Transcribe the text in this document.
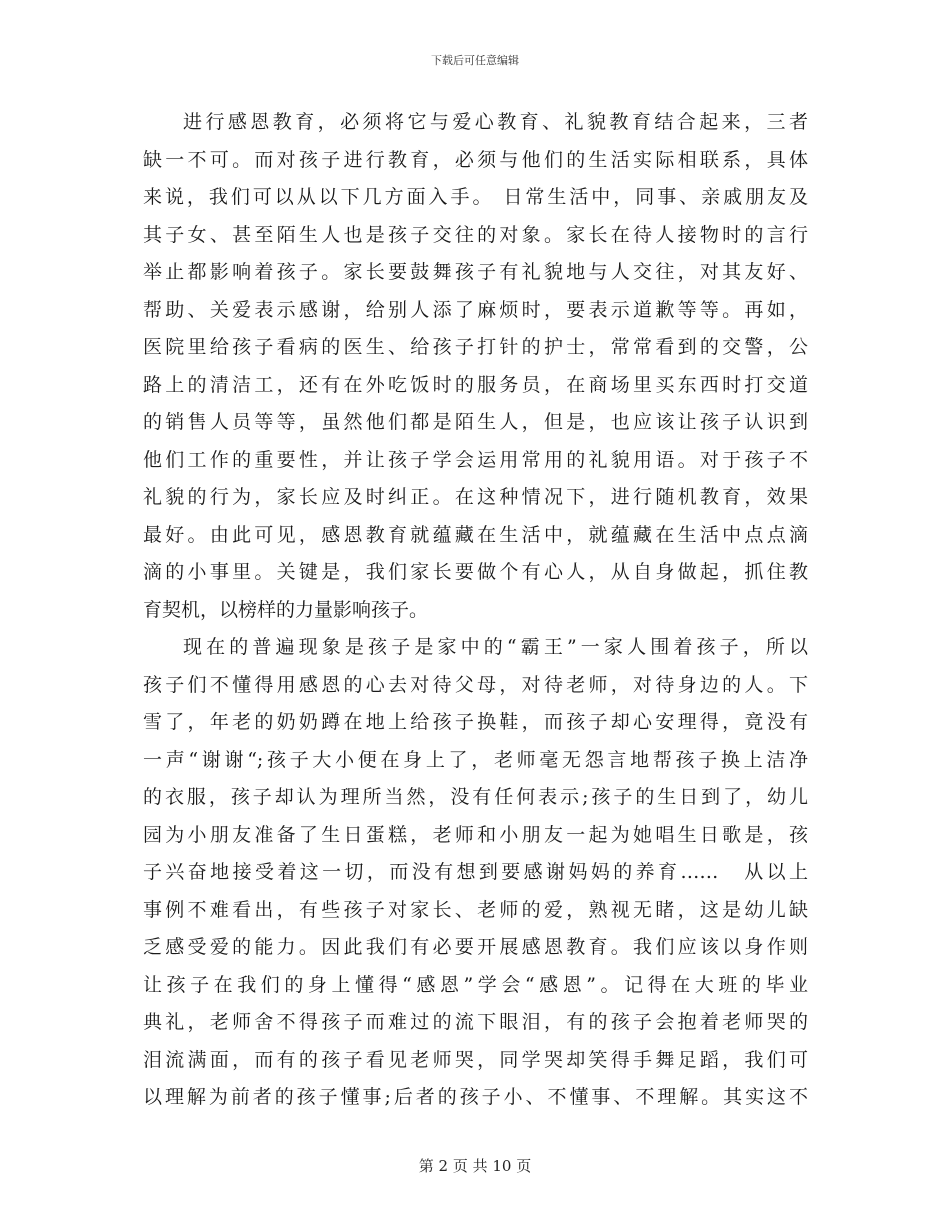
下载后可任意编辑
进行感恩教育，必须将它与爱心教育、礼貌教育结合起来，三者
缺一不可。而对孩子进行教育，必须与他们的生活实际相联系，具体
来说，我们可以从以下几方面入手。 日常生活中，同事、亲戚朋友及
其子女、甚至陌生人也是孩子交往的对象。家长在待人接物时的言行
举止都影响着孩子。家长要鼓舞孩子有礼貌地与人交往，对其友好、
帮助、关爱表示感谢，给别人添了麻烦时，要表示道歉等等。再如，
医院里给孩子看病的医生、给孩子打针的护士，常常看到的交警，公
路上的清洁工，还有在外吃饭时的服务员，在商场里买东西时打交道
的销售人员等等，虽然他们都是陌生人，但是，也应该让孩子认识到
他们工作的重要性，并让孩子学会运用常用的礼貌用语。对于孩子不
礼貌的行为，家长应及时纠正。在这种情况下，进行随机教育，效果
最好。由此可见，感恩教育就蕴藏在生活中，就蕴藏在生活中点点滴
滴的小事里。关键是，我们家长要做个有心人，从自身做起，抓住教
育契机，以榜样的力量影响孩子。
现在的普遍现象是孩子是家中的“霸王”一家人围着孩子，所以
孩子们不懂得用感恩的心去对待父母，对待老师，对待身边的人。下
雪了，年老的奶奶蹲在地上给孩子换鞋，而孩子却心安理得，竟没有
一声“谢谢“;孩子大小便在身上了，老师毫无怨言地帮孩子换上洁净
的衣服，孩子却认为理所当然，没有任何表示;孩子的生日到了，幼儿
园为小朋友准备了生日蛋糕，老师和小朋友一起为她唱生日歌是，孩
子兴奋地接受着这一切，而没有想到要感谢妈妈的养育……　从以上
事例不难看出，有些孩子对家长、老师的爱，熟视无睹，这是幼儿缺
乏感受爱的能力。因此我们有必要开展感恩教育。我们应该以身作则
让孩子在我们的身上懂得“感恩”学会“感恩”。记得在大班的毕业
典礼，老师舍不得孩子而难过的流下眼泪，有的孩子会抱着老师哭的
泪流满面，而有的孩子看见老师哭，同学哭却笑得手舞足蹈，我们可
以理解为前者的孩子懂事;后者的孩子小、不懂事、不理解。其实这不
第 2 页 共 10 页
